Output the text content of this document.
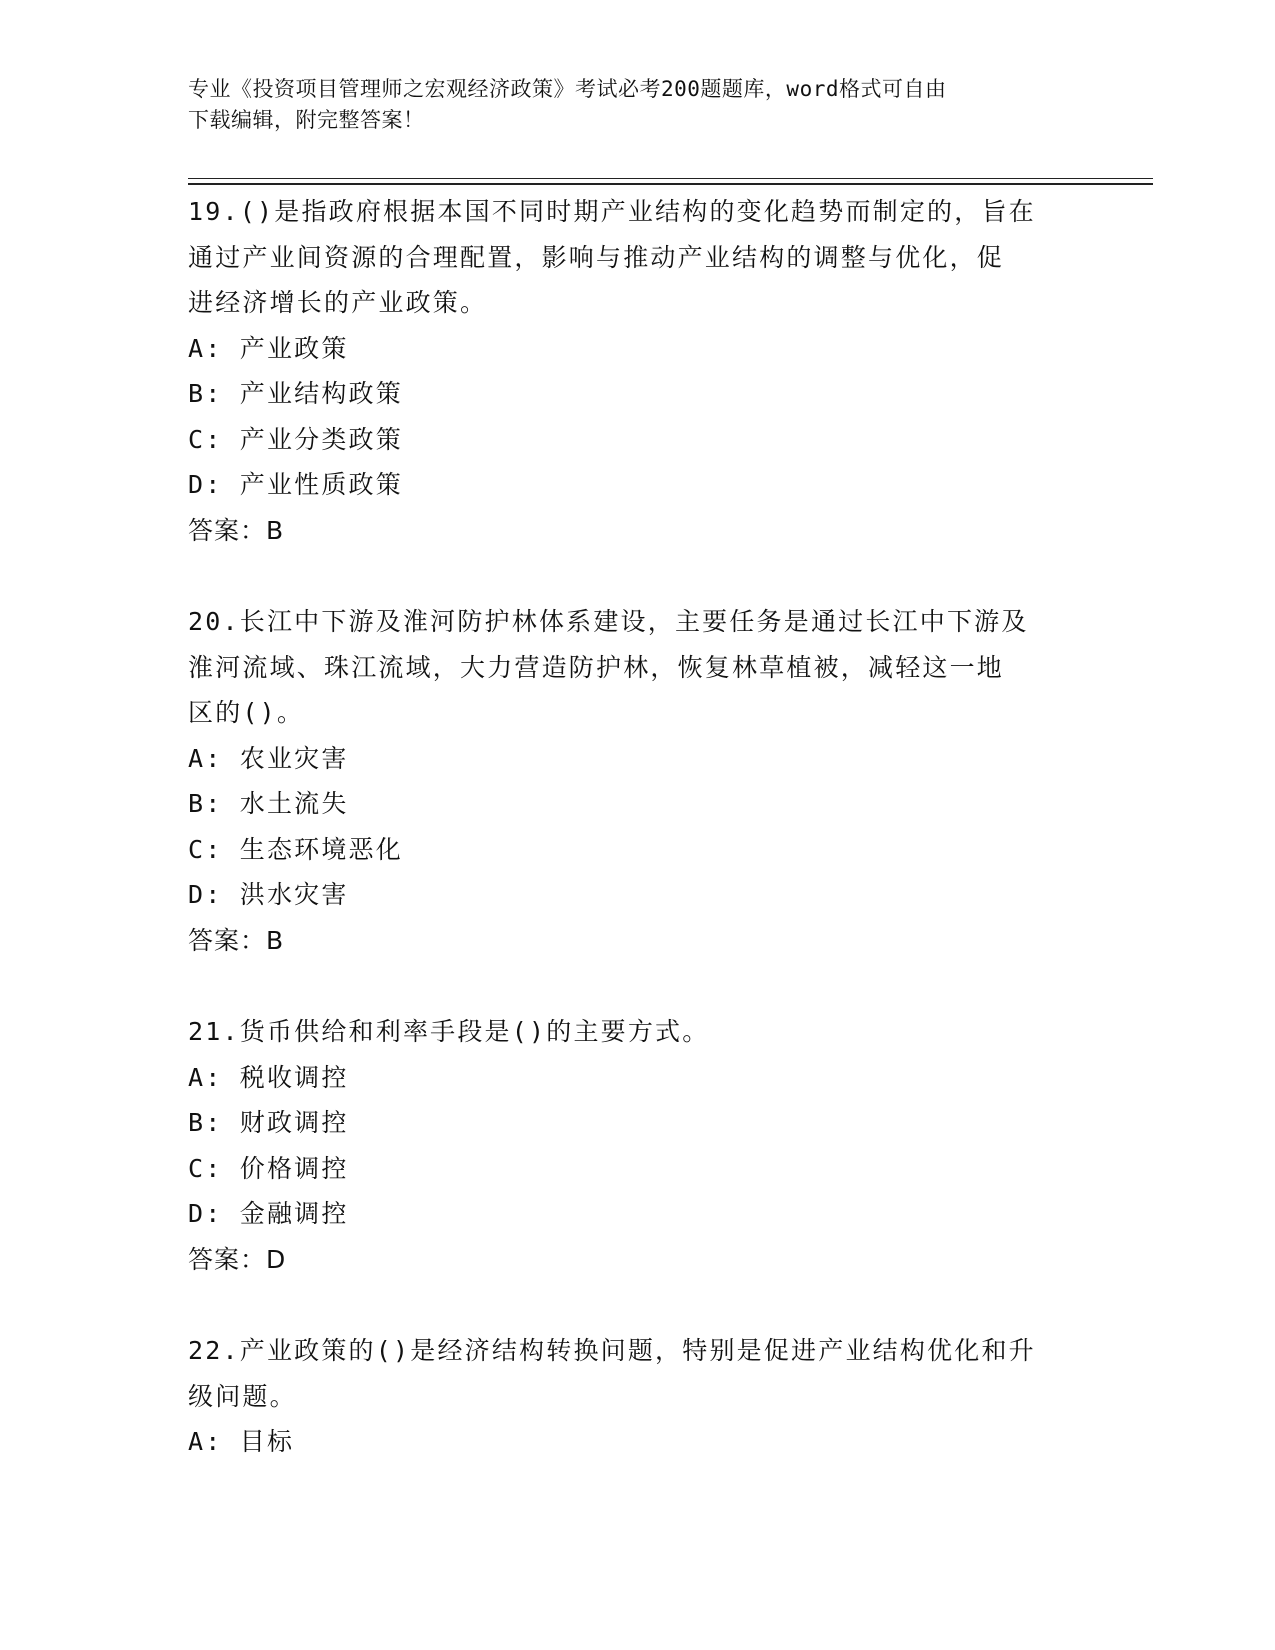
专业《投资项目管理师之宏观经济政策》考试必考200题题库，word格式可自由
下载编辑，附完整答案！

19.()是指政府根据本国不同时期产业结构的变化趋势而制定的，旨在

通过产业间资源的合理配置，影响与推动产业结构的调整与优化，促

进经济增长的产业政策。

A: 产业政策

B: 产业结构政策

C: 产业分类政策

D: 产业性质政策

答案：B

20.长江中下游及淮河防护林体系建设，主要任务是通过长江中下游及

淮河流域、珠江流域，大力营造防护林，恢复林草植被，减轻这一地

区的()。

A: 农业灾害

B: 水土流失

C: 生态环境恶化

D: 洪水灾害

答案：B

21.货币供给和利率手段是()的主要方式。

A: 税收调控

B: 财政调控

C: 价格调控

D: 金融调控

答案：D

22.产业政策的()是经济结构转换问题，特别是促进产业结构优化和升

级问题。

A: 目标
